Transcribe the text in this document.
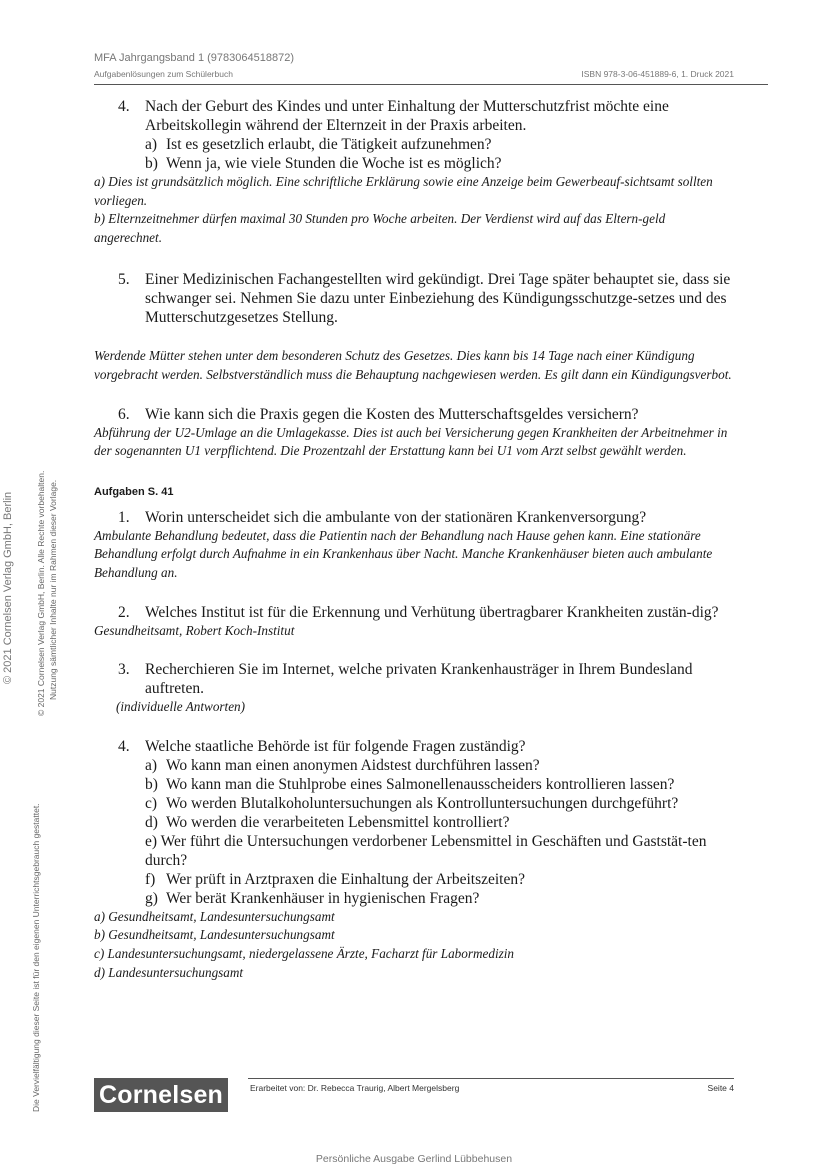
MFA Jahrgangsband 1 (9783064518872)
Aufgabenlösungen zum Schülerbuch	ISBN 978-3-06-451889-6, 1. Druck 2021
© 2021 Cornelsen Verlag GmbH, Berlin	© 2021 Cornelsen Verlag GmbH, Berlin. Alle Rechte vorbehalten. Nutzung sämtlicher Inhalte nur im Rahmen dieser Vorlage.
Die Vervielfältigung dieser Seite ist für den eigenen Unterrichtsgebrauch gestattet.
4. Nach der Geburt des Kindes und unter Einhaltung der Mutterschutzfrist möchte eine Arbeitskollegin während der Elternzeit in der Praxis arbeiten.
a) Ist es gesetzlich erlaubt, die Tätigkeit aufzunehmen?
b) Wenn ja, wie viele Stunden die Woche ist es möglich?
a) Dies ist grundsätzlich möglich. Eine schriftliche Erklärung sowie eine Anzeige beim Gewerbeauf-sichtsamt sollten vorliegen.
b) Elternzeitnehmer dürfen maximal 30 Stunden pro Woche arbeiten. Der Verdienst wird auf das Eltern-geld angerechnet.
5. Einer Medizinischen Fachangestellten wird gekündigt. Drei Tage später behauptet sie, dass sie schwanger sei. Nehmen Sie dazu unter Einbeziehung des Kündigungsschutzge-setzes und des Mutterschutzgesetzes Stellung.
Werdende Mütter stehen unter dem besonderen Schutz des Gesetzes. Dies kann bis 14 Tage nach einer Kündigung vorgebracht werden. Selbstverständlich muss die Behauptung nachgewiesen werden. Es gilt dann ein Kündigungsverbot.
6. Wie kann sich die Praxis gegen die Kosten des Mutterschaftsgeldes versichern?
Abführung der U2-Umlage an die Umlagekasse. Dies ist auch bei Versicherung gegen Krankheiten der Arbeitnehmer in der sogenannten U1 verpflichtend. Die Prozentzahl der Erstattung kann bei U1 vom Arzt selbst gewählt werden.
Aufgaben S. 41
1. Worin unterscheidet sich die ambulante von der stationären Krankenversorgung?
Ambulante Behandlung bedeutet, dass die Patientin nach der Behandlung nach Hause gehen kann. Eine stationäre Behandlung erfolgt durch Aufnahme in ein Krankenhaus über Nacht. Manche Krankenhäuser bieten auch ambulante Behandlung an.
2. Welches Institut ist für die Erkennung und Verhütung übertragbarer Krankheiten zustän-dig?
Gesundheitsamt, Robert Koch-Institut
3. Recherchieren Sie im Internet, welche privaten Krankenhausträger in Ihrem Bundesland auftreten.
(individuelle Antworten)
4. Welche staatliche Behörde ist für folgende Fragen zuständig?
a) Wo kann man einen anonymen Aidstest durchführen lassen?
b) Wo kann man die Stuhlprobe eines Salmonellenausscheiders kontrollieren lassen?
c) Wo werden Blutalkoholuntersuchungen als Kontrolluntersuchungen durchgeführt?
d) Wo werden die verarbeiteten Lebensmittel kontrolliert?
e) Wer führt die Untersuchungen verdorbener Lebensmittel in Geschäften und Gaststät-ten durch?
f) Wer prüft in Arztpraxen die Einhaltung der Arbeitszeiten?
g) Wer berät Krankenhäuser in hygienischen Fragen?
a) Gesundheitsamt, Landesuntersuchungsamt
b) Gesundheitsamt, Landesuntersuchungsamt
c) Landesuntersuchungsamt, niedergelassene Ärzte, Facharzt für Labormedizin
d) Landesuntersuchungsamt
Cornelsen	Erarbeitet von: Dr. Rebecca Traurig, Albert Mergelsberg	Seite 4
Persönliche Ausgabe Gerlind Lübbehusen
